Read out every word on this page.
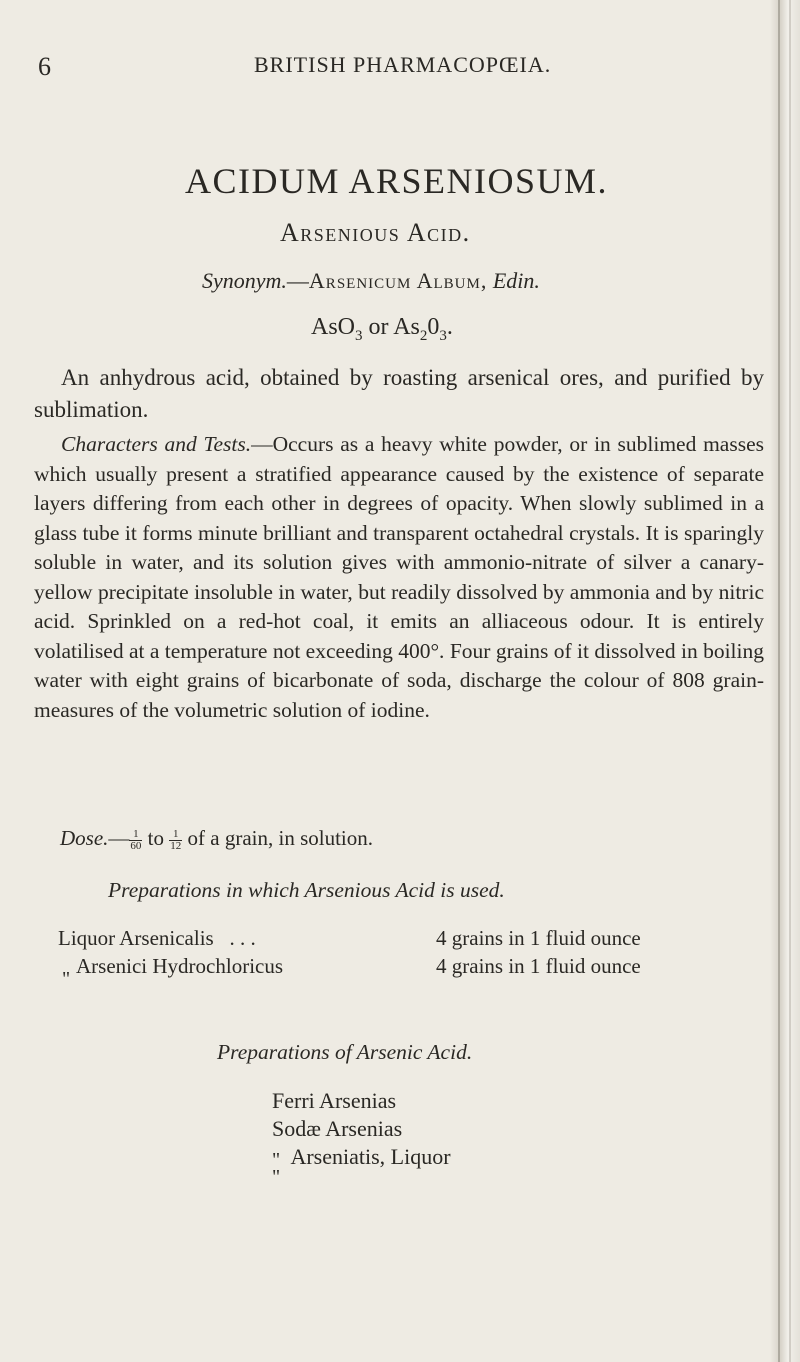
6	BRITISH PHARMACOPŒIA.
ACIDUM ARSENIOSUM.
Arsenious Acid.
Synonym.—Arsenicum Album, Edin.
AsO$_3$ or $As_20_3$.

An anhydrous acid, obtained by roasting arsenical ores, and purified by sublimation.

Characters and Tests.—Occurs as a heavy white powder, or in sublimed masses which usually present a stratified appearance caused by the existence of separate layers differing from each other in degrees of opacity. When slowly sublimed in a glass tube it forms minute brilliant and transparent octahedral crystals. It is sparingly soluble in water, and its solution gives with ammonio-nitrate of silver a canary-yellow precipitate insoluble in water, but readily dissolved by ammonia and by nitric acid. Sprinkled on a red-hot coal, it emits an alliaceous odour. It is entirely volatilised at a temperature not exceeding 400°. Four grains of it dissolved in boiling water with eight grains of bicarbonate of soda, discharge the colour of 808 grain-measures of the volumetric solution of iodine.

Dose.— $\frac{1}{60}$ to $\frac{1}{12}$ of a grain, in solution.
Preparations in which Arsenious Acid is used.
Liquor Arsenicalis . . .	4 grains in 1 fluid ounce
"
Arsenici Hydrochloricus	4 grains in 1 fluid ounce
Preparations of Arsenic Acid.
Ferri Arsenias
Sodæ Arsenias
" Arseniatis, Liquor
"
